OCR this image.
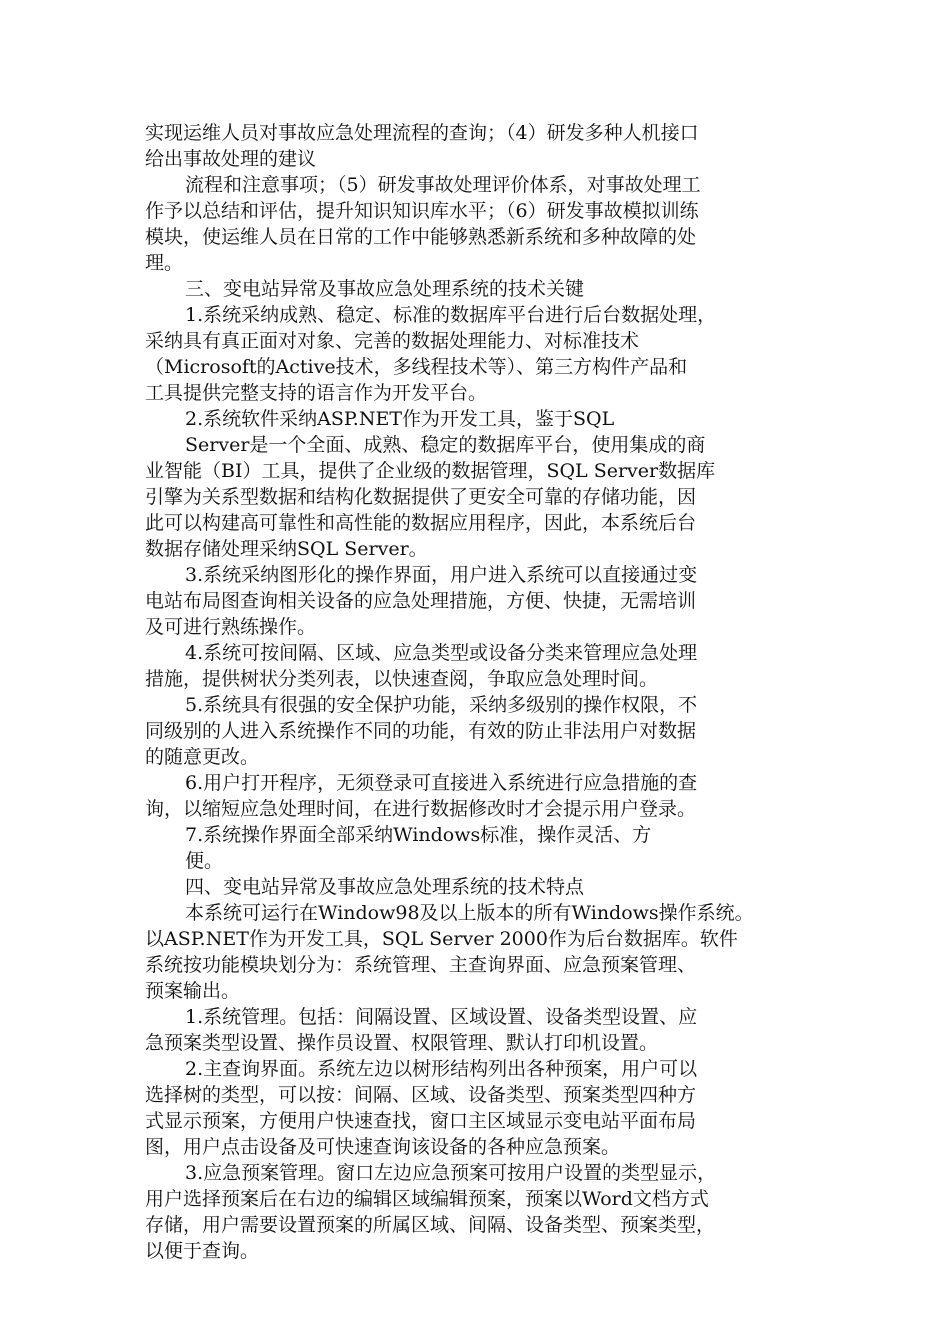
实现运维人员对事故应急处理流程的查询；（4）研发多种人机接口
给出事故处理的建议
流程和注意事项；（5）研发事故处理评价体系，对事故处理工
作予以总结和评估，提升知识知识库水平；（6）研发事故模拟训练
模块，使运维人员在日常的工作中能够熟悉新系统和多种故障的处
理。
三、变电站异常及事故应急处理系统的技术关键
1.系统采纳成熟、稳定、标准的数据库平台进行后台数据处理，
采纳具有真正面对对象、完善的数据处理能力、对标准技术
（Microsoft的Active技术，多线程技术等）、第三方构件产品和
工具提供完整支持的语言作为开发平台。
2.系统软件采纳ASP.NET作为开发工具，鉴于SQL
Server是一个全面、成熟、稳定的数据库平台，使用集成的商
业智能（BI）工具，提供了企业级的数据管理，SQL Server数据库
引擎为关系型数据和结构化数据提供了更安全可靠的存储功能，因
此可以构建高可靠性和高性能的数据应用程序，因此，本系统后台
数据存储处理采纳SQL Server。
3.系统采纳图形化的操作界面，用户进入系统可以直接通过变
电站布局图查询相关设备的应急处理措施，方便、快捷，无需培训
及可进行熟练操作。
4.系统可按间隔、区域、应急类型或设备分类来管理应急处理
措施，提供树状分类列表，以快速查阅，争取应急处理时间。
5.系统具有很强的安全保护功能，采纳多级别的操作权限，不
同级别的人进入系统操作不同的功能，有效的防止非法用户对数据
的随意更改。
6.用户打开程序，无须登录可直接进入系统进行应急措施的查
询，以缩短应急处理时间，在进行数据修改时才会提示用户登录。
7.系统操作界面全部采纳Windows标准，操作灵活、方
便。
四、变电站异常及事故应急处理系统的技术特点
本系统可运行在Window98及以上版本的所有Windows操作系统。
以ASP.NET作为开发工具，SQL Server 2000作为后台数据库。软件
系统按功能模块划分为：系统管理、主查询界面、应急预案管理、
预案输出。
1.系统管理。包括：间隔设置、区域设置、设备类型设置、应
急预案类型设置、操作员设置、权限管理、默认打印机设置。
2.主查询界面。系统左边以树形结构列出各种预案，用户可以
选择树的类型，可以按：间隔、区域、设备类型、预案类型四种方
式显示预案，方便用户快速查找，窗口主区域显示变电站平面布局
图，用户点击设备及可快速查询该设备的各种应急预案。
3.应急预案管理。窗口左边应急预案可按用户设置的类型显示，
用户选择预案后在右边的编辑区域编辑预案，预案以Word文档方式
存储，用户需要设置预案的所属区域、间隔、设备类型、预案类型，
以便于查询。
